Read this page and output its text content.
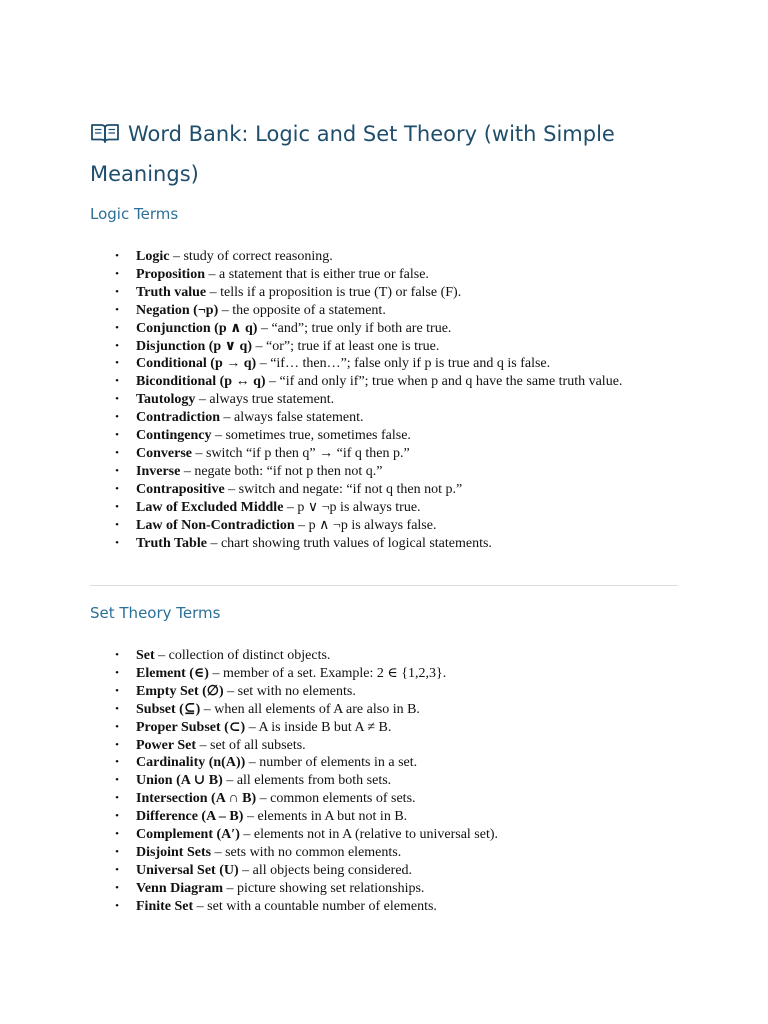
Word Bank: Logic and Set Theory (with Simple Meanings)
Logic Terms
• Logic – study of correct reasoning.
• Proposition – a statement that is either true or false.
• Truth value – tells if a proposition is true (T) or false (F).
• Negation (¬p) – the opposite of a statement.
• Conjunction (p ∧ q) – “and”; true only if both are true.
• Disjunction (p ∨ q) – “or”; true if at least one is true.
• Conditional (p → q) – “if… then…”; false only if p is true and q is false.
• Biconditional (p ↔ q) – “if and only if”; true when p and q have the same truth value.
• Tautology – always true statement.
• Contradiction – always false statement.
• Contingency – sometimes true, sometimes false.
• Converse – switch “if p then q” → “if q then p.”
• Inverse – negate both: “if not p then not q.”
• Contrapositive – switch and negate: “if not q then not p.”
• Law of Excluded Middle – p ∨ ¬p is always true.
• Law of Non-Contradiction – p ∧ ¬p is always false.
• Truth Table – chart showing truth values of logical statements.
Set Theory Terms
• Set – collection of distinct objects.
• Element (∈) – member of a set. Example: 2 ∈ {1,2,3}.
• Empty Set (∅) – set with no elements.
• Subset (⊆) – when all elements of A are also in B.
• Proper Subset (⊂) – A is inside B but A ≠ B.
• Power Set – set of all subsets.
• Cardinality (n(A)) – number of elements in a set.
• Union (A ∪ B) – all elements from both sets.
• Intersection (A ∩ B) – common elements of sets.
• Difference (A – B) – elements in A but not in B.
• Complement (A′) – elements not in A (relative to universal set).
• Disjoint Sets – sets with no common elements.
• Universal Set (U) – all objects being considered.
• Venn Diagram – picture showing set relationships.
• Finite Set – set with a countable number of elements.
